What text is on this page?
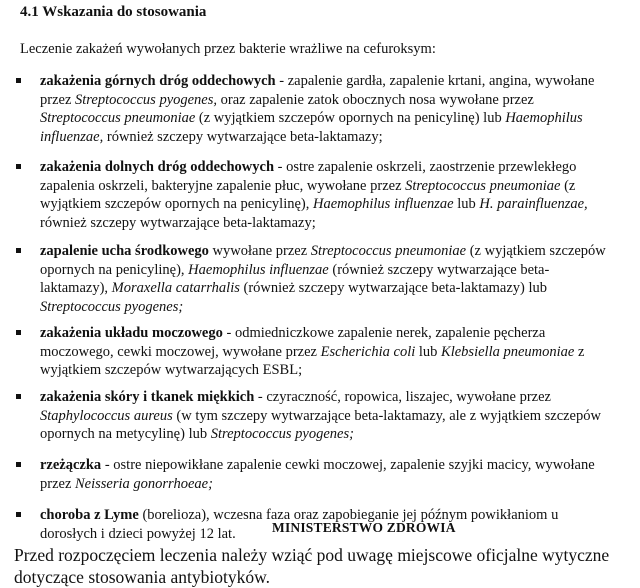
4.1 Wskazania do stosowania
Leczenie zakażeń wywołanych przez bakterie wrażliwe na cefuroksym:
zakażenia górnych dróg oddechowych - zapalenie gardła, zapalenie krtani, angina, wywołane przez Streptococcus pyogenes, oraz zapalenie zatok obocznych nosa wywołane przez Streptococcus pneumoniae (z wyjątkiem szczepów opornych na penicylinę) lub Haemophilus influenzae, również szczepy wytwarzające beta-laktamazy;
zakażenia dolnych dróg oddechowych - ostre zapalenie oskrzeli, zaostrzenie przewlekłego zapalenia oskrzeli, bakteryjne zapalenie płuc, wywołane przez Streptococcus pneumoniae (z wyjątkiem szczepów opornych na penicylinę), Haemophilus influenzae lub H. parainfluenzae, również szczepy wytwarzające beta-laktamazy;
zapalenie ucha środkowego wywołane przez Streptococcus pneumoniae (z wyjątkiem szczepów opornych na penicylinę), Haemophilus influenzae (również szczepy wytwarzające beta-laktamazy), Moraxella catarrhalis (również szczepy wytwarzające beta-laktamazy) lub Streptococcus pyogenes;
zakażenia układu moczowego - odmiedniczkowe zapalenie nerek, zapalenie pęcherza moczowego, cewki moczowej, wywołane przez Escherichia coli lub Klebsiella pneumoniae z wyjątkiem szczepów wytwarzających ESBL;
zakażenia skóry i tkanek miękkich - czyraczność, ropowica, liszajec, wywołane przez Staphylococcus aureus (w tym szczepy wytwarzające beta-laktamazy, ale z wyjątkiem szczepów opornych na metycylinę) lub Streptococcus pyogenes;
rzeżączka - ostre niepowikłane zapalenie cewki moczowej, zapalenie szyjki macicy, wywołane przez Neisseria gonorrhoeae;
choroba z Lyme (borelioza), wczesna faza oraz zapobieganie jej późnym powikłaniom u dorosłych i dzieci powyżej 12 lat.	MINISTERSTWO ZDROWIA
Przed rozpoczęciem leczenia należy wziąć pod uwagę miejscowe oficjalne wytyczne dotyczące stosowania antybiotyków.
